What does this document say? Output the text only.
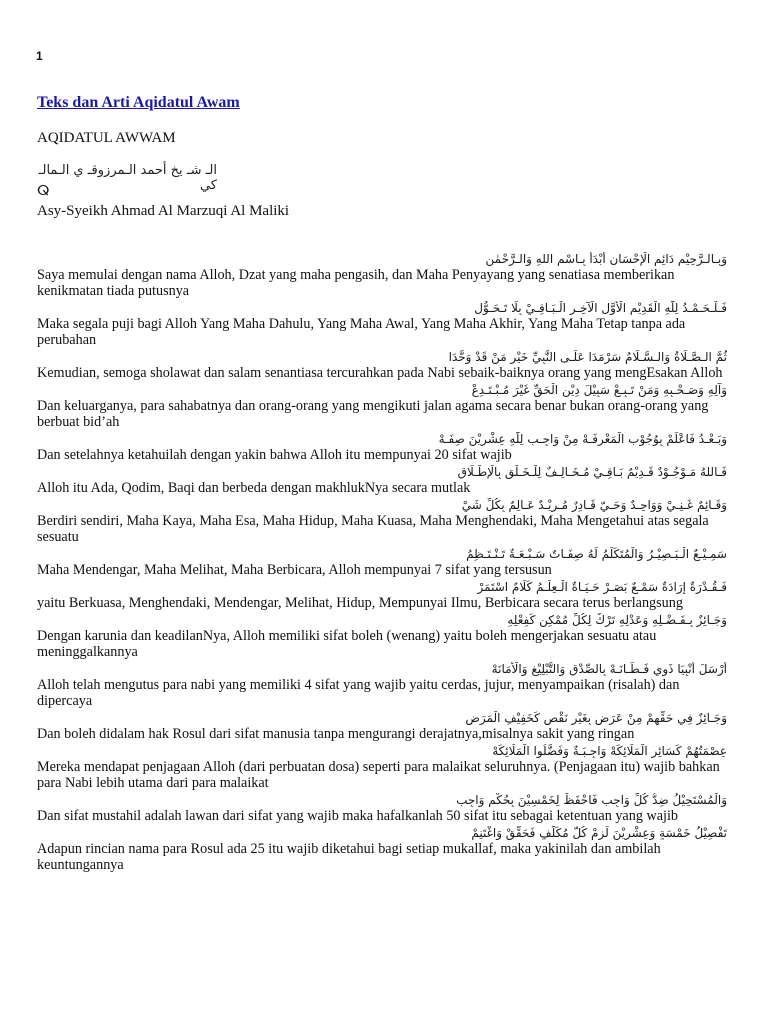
1
Teks dan Arti Aqidatul Awam
AQIDATUL AWWAM
الـ شـ يخ أحمد الـمرزوقـ ي الـمالـ كي
ⵕ
Asy-Syeikh Ahmad Al Marzuqi Al Maliki
وَبِـالـرَّحِيْمِ دَائِمِ الْإِحْسَانِ أَبْدَأُ بِـاسْمِ اللهِ وَالـرَّحْمٰنِ
Saya memulai dengan nama Alloh, Dzat yang maha pengasih, dan Maha Penyayang yang senatiasa memberikan kenikmatan tiada putusnya
فَـلْـحَـمْـدُ لِلّٰهِ الْقَدِيْمِ الْأَوَّلِ الْآخِـرِ الْـبَـاقِـيْ بِلَا تَـحَـوُّلِ
Maka segala puji bagi Alloh Yang Maha Dahulu, Yang Maha Awal, Yang Maha Akhir, Yang Maha Tetap tanpa ada perubahan
ثُمَّ الـصَّـلَاةُ وَالـسَّـلَامُ سَرْمَدَا عَلَـى النَّبِيِّ خَيْرِ مَنْ قَدْ وَحَّدَا
Kemudian, semoga sholawat dan salam senantiasa tercurahkan pada Nabi sebaik-baiknya orang yang mengEsakan Alloh
وَآلِهِ وَصَـحْـبِهِ وَمَنْ تَـبِـعْ سَبِيْلَ دِيْنِ الْحَقِّ غَيْرَ مُـبْـتَـدِعْ
Dan keluarganya, para sahabatnya dan orang-orang yang mengikuti jalan agama secara benar bukan orang-orang yang berbuat bid’ah
وَبَـعْـدُ فَاعْلَمْ بِوُجُوْبِ الْمَعْرِفَـهْ مِنْ وَاجِـبٍ لِلّٰهِ عِشْرِيْنَ صِفَـهْ
Dan setelahnya ketahuilah dengan yakin bahwa Alloh itu mempunyai 20 sifat wajib
فَـاللهُ مَـوْجُـوْدٌ قَـدِيْمٌ بَـاقِـيْ مُـخَـالِـفٌ لِلْـخَـلْقِ بِالْإِطْـلَاقِ
Alloh itu Ada, Qodim, Baqi dan berbeda dengan makhlukNya secara mutlak
وَقَـائِمٌ غَـنِـيْ وَوَاحِـدٌ وَحَـيّ قَـادِرٌ مُـرِيْـدٌ عَـالِمٌ بِكُلِّ شَيْ
Berdiri sendiri, Maha Kaya, Maha Esa, Maha Hidup, Maha Kuasa, Maha Menghendaki, Maha Mengetahui atas segala sesuatu
سَمِـيْـعٌ الْـبَـصِيْـرُ وَالْمُتَكَلِّمُ لَهُ صِفَـاتٌ سَـبْـعَـةٌ تَـنْـتَـظِمُ
Maha Mendengar, Maha Melihat, Maha Berbicara, Alloh mempunyai 7 sifat yang tersusun
فَـقُـدْرَةٌ إِرَادَةٌ سَمْـعٌ بَصَـرْ حَـيَـاةٌ الْـعِلْـمُ كَلَامٌ اسْتَمَرْ
yaitu Berkuasa, Menghendaki, Mendengar, Melihat, Hidup, Mempunyai Ilmu, Berbicara secara terus berlangsung
وَجَـائِزٌ بِـفَـضْـلِهِ وَعَدْلِهِ تَرْكٌ لِكُلِّ مُمْكِنٍ كَفِعْلِهِ
Dengan karunia dan keadilanNya, Alloh memiliki sifat boleh (wenang) yaitu boleh mengerjakan sesuatu atau meninggalkannya
أَرْسَلَ أَنْبِيَا ذَوِي فَـطَـانَـهْ بِالصِّدْقِ وَالتَّبْلِيْغِ وَالْأَمَانَهْ
Alloh telah mengutus para nabi yang memiliki 4 sifat yang wajib yaitu cerdas, jujur, menyampaikan (risalah) dan dipercaya
وَجَـائِزٌ فِي حَقِّهِمْ مِنْ عَرَضِ بِغَيْرِ نَقْصٍ كَخَفِيْفِ الْمَرَضِ
Dan boleh didalam hak Rosul dari sifat manusia tanpa mengurangi derajatnya,misalnya sakit yang ringan
عِصْمَتُهُمْ كَسَائِرِ الْمَلَائِكَهْ وَاجِـبَـةٌ وَفَضَّلُوا الْمَلَائِكَهْ
Mereka mendapat penjagaan Alloh (dari perbuatan dosa) seperti para malaikat seluruhnya. (Penjagaan itu) wajib bahkan para Nabi lebih utama dari para malaikat
وَالْمُسْتَحِيْلُ ضِدُّ كُلِّ وَاجِبِ فَاحْفَظْ لِخَمْسِيْنَ بِحُكْمٍ وَاجِبِ
Dan sifat mustahil adalah lawan dari sifat yang wajib maka hafalkanlah 50 sifat itu sebagai ketentuan yang wajib
تَفْصِيْلُ خَمْسَةٍ وَعِشْرِيْنَ لَزِمْ كُلَّ مُكَلَّفٍ فَحَقِّقْ وَاغْتَنِمْ
Adapun rincian nama para Rosul ada 25 itu wajib diketahui bagi setiap mukallaf, maka yakinilah dan ambilah keuntungannya
